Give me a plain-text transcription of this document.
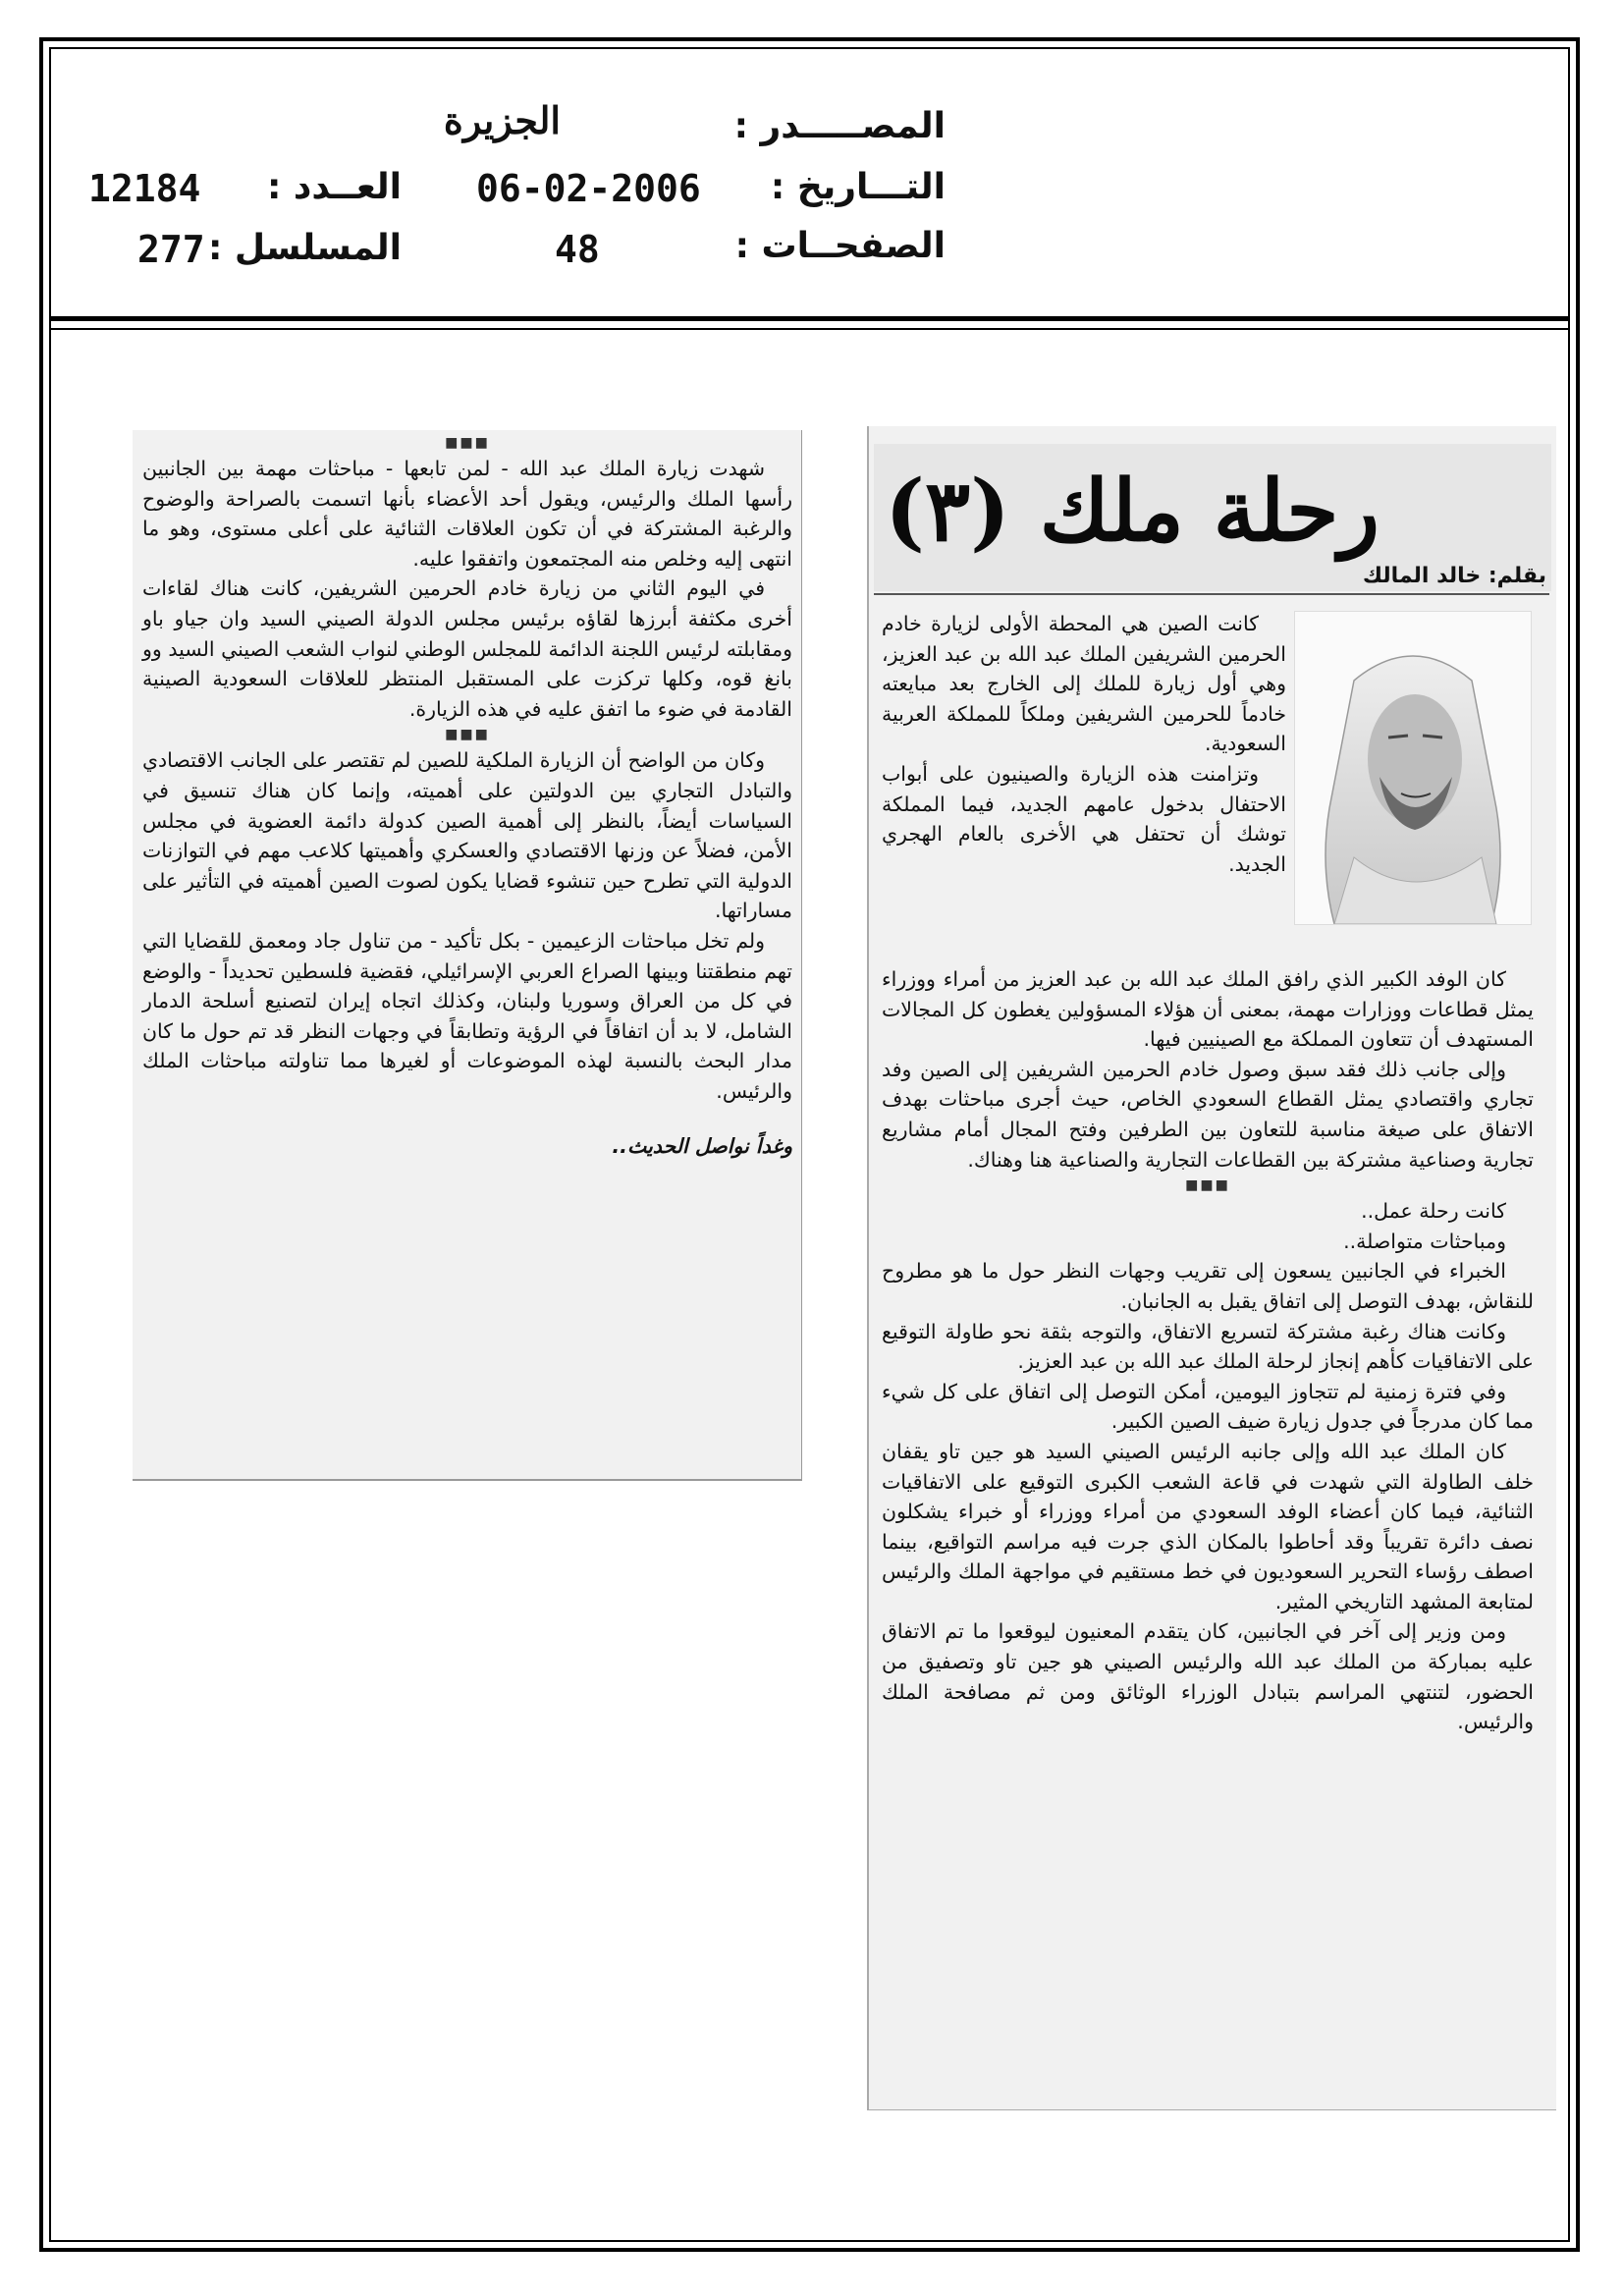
المصـــــدر :
الجزيرة
التـــاريخ :
06-02-2006
الصفحــات :
48
العــدد :
12184
المسلسل :
277
رحلة ملك (٣)
بقلم: خالد المالك

كانت الصين هي المحطة الأولى لزيارة خادم الحرمين الشريفين الملك عبد الله بن عبد العزيز، وهي أول زيارة للملك إلى الخارج بعد مبايعته خادماً للحرمين الشريفين وملكاً للمملكة العربية السعودية.

وتزامنت هذه الزيارة والصينيون على أبواب الاحتفال بدخول عامهم الجديد، فيما المملكة توشك أن تحتفل هي الأخرى بالعام الهجري الجديد.

كان الوفد الكبير الذي رافق الملك عبد الله بن عبد العزيز من أمراء ووزراء يمثل قطاعات ووزارات مهمة، بمعنى أن هؤلاء المسؤولين يغطون كل المجالات المستهدف أن تتعاون المملكة مع الصينيين فيها.

وإلى جانب ذلك فقد سبق وصول خادم الحرمين الشريفين إلى الصين وفد تجاري واقتصادي يمثل القطاع السعودي الخاص، حيث أجرى مباحثات بهدف الاتفاق على صيغة مناسبة للتعاون بين الطرفين وفتح المجال أمام مشاريع تجارية وصناعية مشتركة بين القطاعات التجارية والصناعية هنا وهناك.

■■■

كانت رحلة عمل..

ومباحثات متواصلة..

الخبراء في الجانبين يسعون إلى تقريب وجهات النظر حول ما هو مطروح للنقاش، بهدف التوصل إلى اتفاق يقبل به الجانبان.

وكانت هناك رغبة مشتركة لتسريع الاتفاق، والتوجه بثقة نحو طاولة التوقيع على الاتفاقيات كأهم إنجاز لرحلة الملك عبد الله بن عبد العزيز.

وفي فترة زمنية لم تتجاوز اليومين، أمكن التوصل إلى اتفاق على كل شيء مما كان مدرجاً في جدول زيارة ضيف الصين الكبير.

كان الملك عبد الله وإلى جانبه الرئيس الصيني السيد هو جين تاو يقفان خلف الطاولة التي شهدت في قاعة الشعب الكبرى التوقيع على الاتفاقيات الثنائية، فيما كان أعضاء الوفد السعودي من أمراء ووزراء أو خبراء يشكلون نصف دائرة تقريباً وقد أحاطوا بالمكان الذي جرت فيه مراسم التواقيع، بينما اصطف رؤساء التحرير السعوديون في خط مستقيم في مواجهة الملك والرئيس لمتابعة المشهد التاريخي المثير.

ومن وزير إلى آخر في الجانبين، كان يتقدم المعنيون ليوقعوا ما تم الاتفاق عليه بمباركة من الملك عبد الله والرئيس الصيني هو جين تاو وتصفيق من الحضور، لتنتهي المراسم بتبادل الوزراء الوثائق ومن ثم مصافحة الملك والرئيس.

■■■

شهدت زيارة الملك عبد الله - لمن تابعها - مباحثات مهمة بين الجانبين رأسها الملك والرئيس، ويقول أحد الأعضاء بأنها اتسمت بالصراحة والوضوح والرغبة المشتركة في أن تكون العلاقات الثنائية على أعلى مستوى، وهو ما انتهى إليه وخلص منه المجتمعون واتفقوا عليه.

في اليوم الثاني من زيارة خادم الحرمين الشريفين، كانت هناك لقاءات أخرى مكثفة أبرزها لقاؤه برئيس مجلس الدولة الصيني السيد وان جياو باو ومقابلته لرئيس اللجنة الدائمة للمجلس الوطني لنواب الشعب الصيني السيد وو بانغ قوه، وكلها تركزت على المستقبل المنتظر للعلاقات السعودية الصينية القادمة في ضوء ما اتفق عليه في هذه الزيارة.

■■■

وكان من الواضح أن الزيارة الملكية للصين لم تقتصر على الجانب الاقتصادي والتبادل التجاري بين الدولتين على أهميته، وإنما كان هناك تنسيق في السياسات أيضاً، بالنظر إلى أهمية الصين كدولة دائمة العضوية في مجلس الأمن، فضلاً عن وزنها الاقتصادي والعسكري وأهميتها كلاعب مهم في التوازنات الدولية التي تطرح حين تنشوء قضايا يكون لصوت الصين أهميته في التأثير على مساراتها.

ولم تخل مباحثات الزعيمين - بكل تأكيد - من تناول جاد ومعمق للقضايا التي تهم منطقتنا وبينها الصراع العربي الإسرائيلي، فقضية فلسطين تحديداً - والوضع في كل من العراق وسوريا ولبنان، وكذلك اتجاه إيران لتصنيع أسلحة الدمار الشامل، لا بد أن اتفاقاً في الرؤية وتطابقاً في وجهات النظر قد تم حول ما كان مدار البحث بالنسبة لهذه الموضوعات أو لغيرها مما تناولته مباحثات الملك والرئيس.

وغداً نواصل الحديث..
